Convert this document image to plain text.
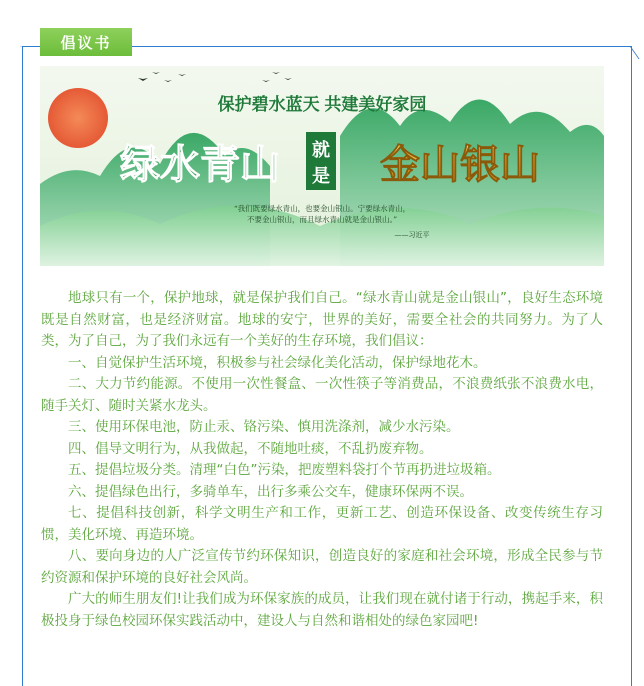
倡议书
保护碧水蓝天 共建美好家园
绿水青山 就
是 金山银山
“我们既要绿水青山，也要金山银山。宁要绿水青山，
不要金山银山，而且绿水青山就是金山银山。”
——习近平

地球只有一个，保护地球，就是保护我们自己。“绿水青山就是金山银山”，良好生态环境既是自然财富，也是经济财富。地球的安宁，世界的美好，需要全社会的共同努力。为了人类，为了自己，为了我们永远有一个美好的生存环境，我们倡议：

一、自觉保护生活环境，积极参与社会绿化美化活动，保护绿地花木。

二、大力节约能源。不使用一次性餐盒、一次性筷子等消费品，不浪费纸张不浪费水电，随手关灯、随时关紧水龙头。

三、使用环保电池，防止汞、铬污染、慎用洗涤剂，减少水污染。

四、倡导文明行为，从我做起，不随地吐痰，不乱扔废弃物。

五、提倡垃圾分类。清理“白色”污染，把废塑料袋打个节再扔进垃圾箱。

六、提倡绿色出行，多骑单车，出行多乘公交车，健康环保两不误。

七、提倡科技创新，科学文明生产和工作，更新工艺、创造环保设备、改变传统生存习惯，美化环境、再造环境。

八、要向身边的人广泛宣传节约环保知识，创造良好的家庭和社会环境，形成全民参与节约资源和保护环境的良好社会风尚。

广大的师生朋友们!让我们成为环保家族的成员，让我们现在就付诸于行动，携起手来，积极投身于绿色校园环保实践活动中，建设人与自然和谐相处的绿色家园吧!
